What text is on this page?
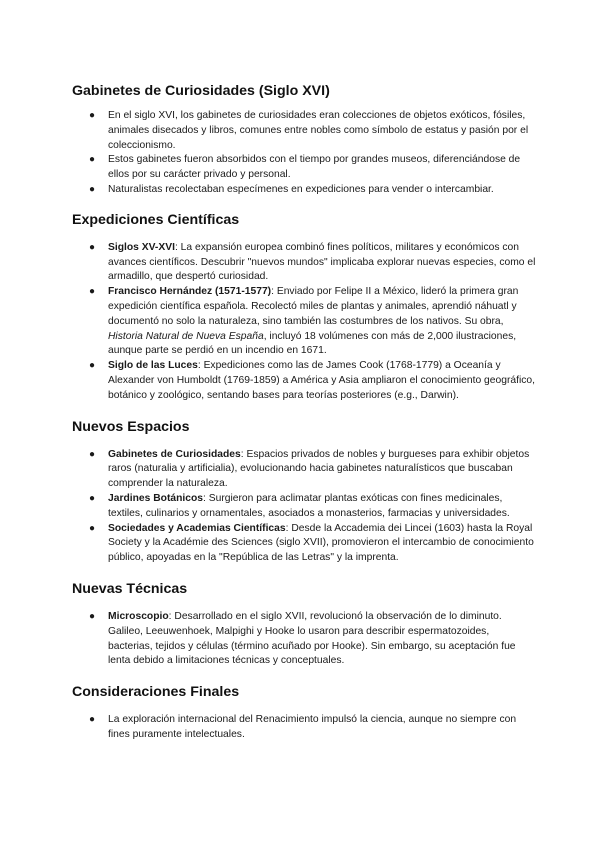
Gabinetes de Curiosidades (Siglo XVI)
● En el siglo XVI, los gabinetes de curiosidades eran colecciones de objetos exóticos, fósiles, animales disecados y libros, comunes entre nobles como símbolo de estatus y pasión por el coleccionismo.
● Estos gabinetes fueron absorbidos con el tiempo por grandes museos, diferenciándose de ellos por su carácter privado y personal.
● Naturalistas recolectaban especímenes en expediciones para vender o intercambiar.
Expediciones Científicas
● Siglos XV-XVI: La expansión europea combinó fines políticos, militares y económicos con avances científicos. Descubrir "nuevos mundos" implicaba explorar nuevas especies, como el armadillo, que despertó curiosidad.
● Francisco Hernández (1571-1577): Enviado por Felipe II a México, lideró la primera gran expedición científica española. Recolectó miles de plantas y animales, aprendió náhuatl y documentó no solo la naturaleza, sino también las costumbres de los nativos. Su obra, Historia Natural de Nueva España, incluyó 18 volúmenes con más de 2,000 ilustraciones, aunque parte se perdió en un incendio en 1671.
● Siglo de las Luces: Expediciones como las de James Cook (1768-1779) a Oceanía y Alexander von Humboldt (1769-1859) a América y Asia ampliaron el conocimiento geográfico, botánico y zoológico, sentando bases para teorías posteriores (e.g., Darwin).
Nuevos Espacios
● Gabinetes de Curiosidades: Espacios privados de nobles y burgueses para exhibir objetos raros (naturalia y artificialia), evolucionando hacia gabinetes naturalísticos que buscaban comprender la naturaleza.
● Jardines Botánicos: Surgieron para aclimatar plantas exóticas con fines medicinales, textiles, culinarios y ornamentales, asociados a monasterios, farmacias y universidades.
● Sociedades y Academias Científicas: Desde la Accademia dei Lincei (1603) hasta la Royal Society y la Académie des Sciences (siglo XVII), promovieron el intercambio de conocimiento público, apoyadas en la "República de las Letras" y la imprenta.
Nuevas Técnicas
● Microscopio: Desarrollado en el siglo XVII, revolucionó la observación de lo diminuto. Galileo, Leeuwenhoek, Malpighi y Hooke lo usaron para describir espermatozoides, bacterias, tejidos y células (término acuñado por Hooke). Sin embargo, su aceptación fue lenta debido a limitaciones técnicas y conceptuales.
Consideraciones Finales
● La exploración internacional del Renacimiento impulsó la ciencia, aunque no siempre con fines puramente intelectuales.
